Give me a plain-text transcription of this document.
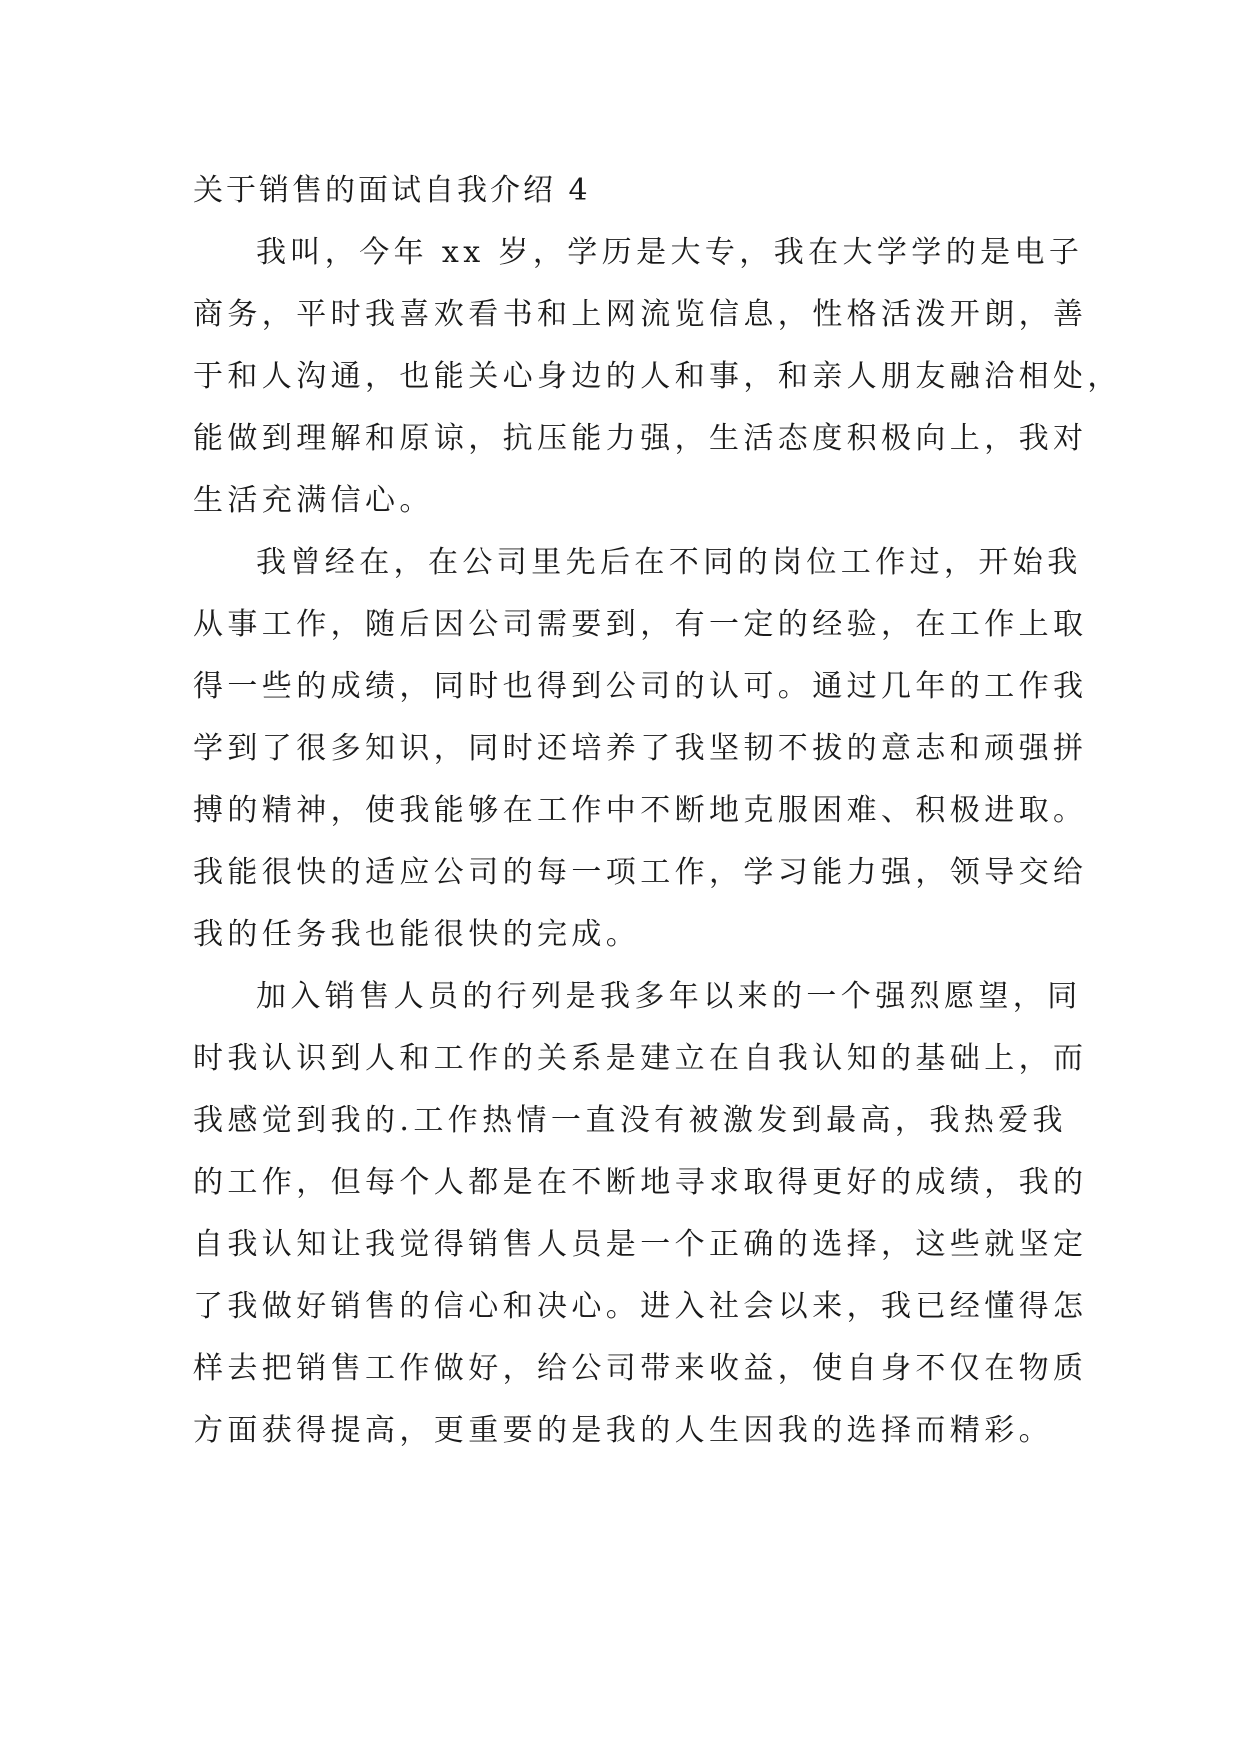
关于销售的面试自我介绍 4

我叫，今年 xx 岁，学历是大专，我在大学学的是电子
商务，平时我喜欢看书和上网流览信息，性格活泼开朗，善
于和人沟通，也能关心身边的人和事，和亲人朋友融洽相处，
能做到理解和原谅，抗压能力强，生活态度积极向上，我对
生活充满信心。

我曾经在，在公司里先后在不同的岗位工作过，开始我
从事工作，随后因公司需要到，有一定的经验，在工作上取
得一些的成绩，同时也得到公司的认可。通过几年的工作我
学到了很多知识，同时还培养了我坚韧不拔的意志和顽强拼
搏的精神，使我能够在工作中不断地克服困难、积极进取。
我能很快的适应公司的每一项工作，学习能力强，领导交给
我的任务我也能很快的完成。

加入销售人员的行列是我多年以来的一个强烈愿望，同
时我认识到人和工作的关系是建立在自我认知的基础上，而
我感觉到我的.工作热情一直没有被激发到最高，我热爱我
的工作，但每个人都是在不断地寻求取得更好的成绩，我的
自我认知让我觉得销售人员是一个正确的选择，这些就坚定
了我做好销售的信心和决心。进入社会以来，我已经懂得怎
样去把销售工作做好，给公司带来收益，使自身不仅在物质
方面获得提高，更重要的是我的人生因我的选择而精彩。
